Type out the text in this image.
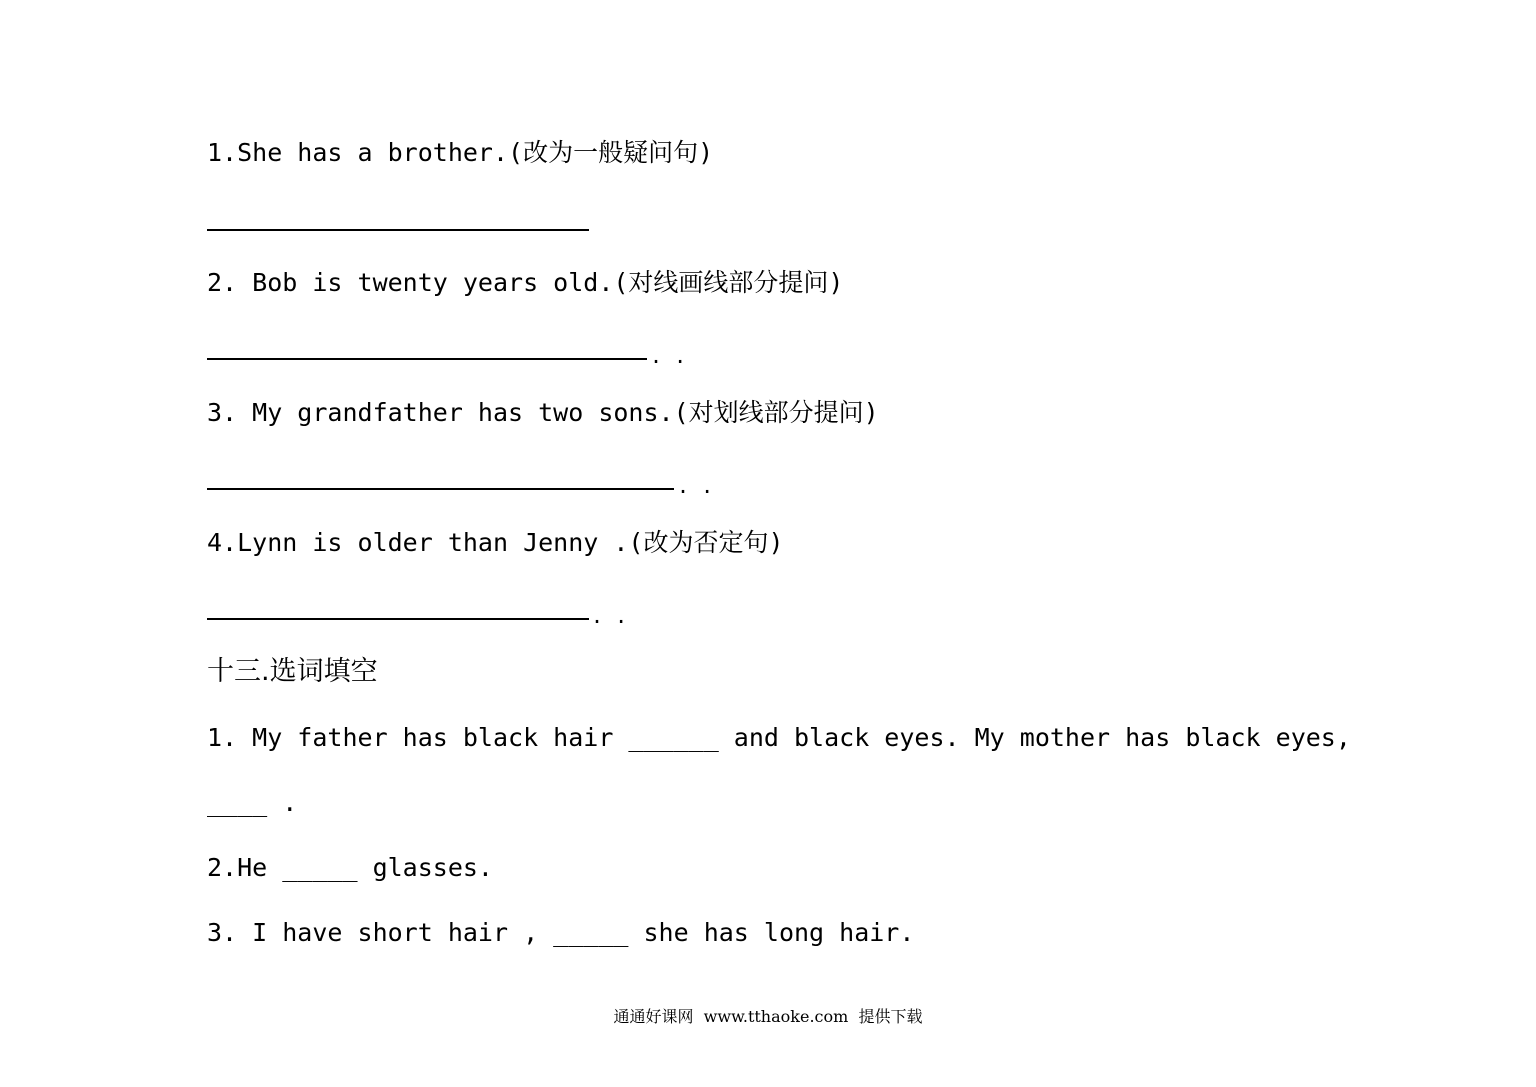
1.She has a brother.(改为一般疑问句)
2. Bob is twenty years old.(对线画线部分提问)
. .
3. My grandfather has two sons.(对划线部分提问)
. .
4.Lynn is older than Jenny .(改为否定句)
. .
十三.选词填空
1. My father has black hair ______ and black eyes. My mother has black eyes,
____ .
2.He _____ glasses.
3. I have short hair , _____ she has long hair.
通通好课网  www.tthaoke.com  提供下载
